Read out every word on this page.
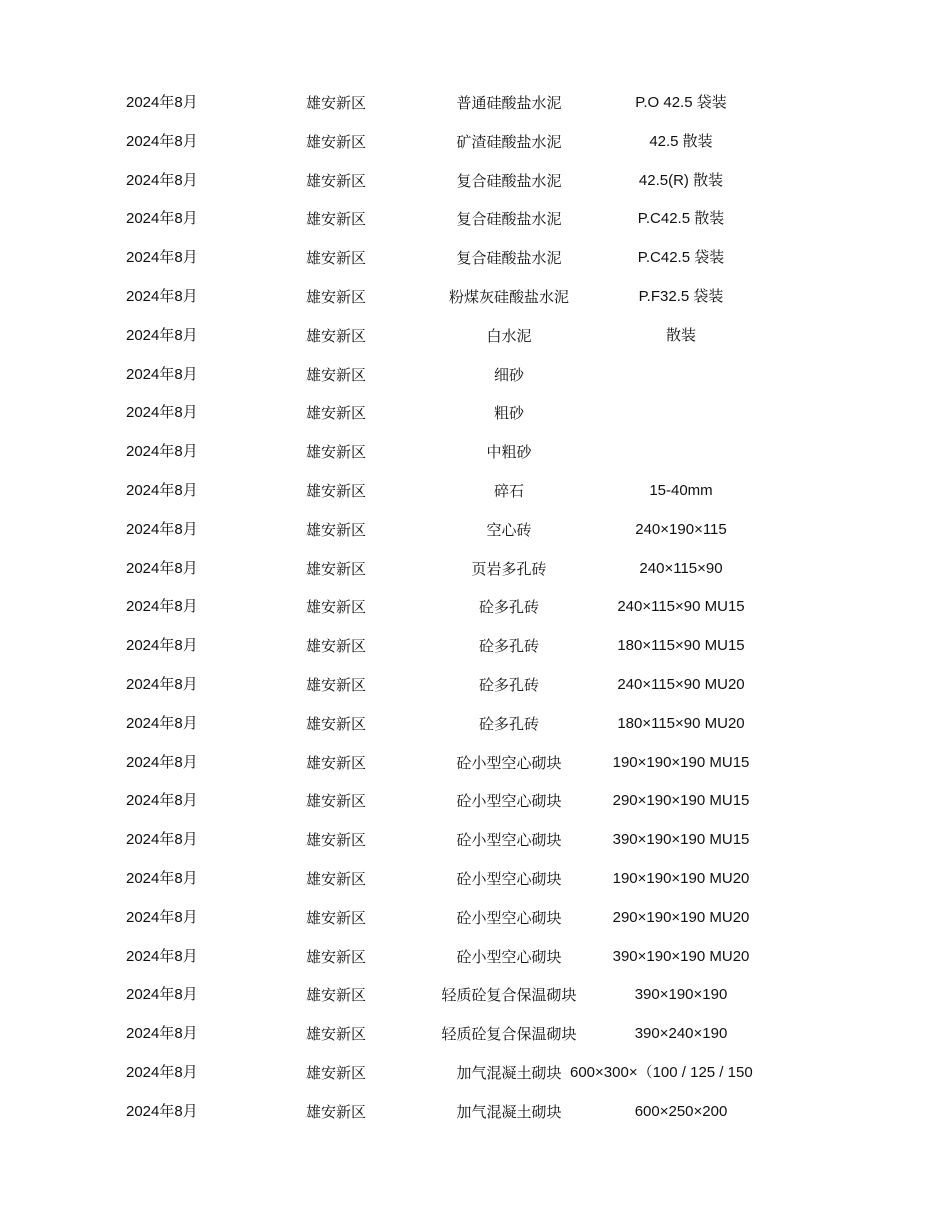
2024年8月	雄安新区	普通硅酸盐水泥	P.O 42.5 袋装
2024年8月	雄安新区	矿渣硅酸盐水泥	42.5 散装
2024年8月	雄安新区	复合硅酸盐水泥	42.5(R) 散装
2024年8月	雄安新区	复合硅酸盐水泥	P.C42.5 散装
2024年8月	雄安新区	复合硅酸盐水泥	P.C42.5 袋装
2024年8月	雄安新区	粉煤灰硅酸盐水泥	P.F32.5 袋装
2024年8月	雄安新区	白水泥	散装
2024年8月	雄安新区	细砂
2024年8月	雄安新区	粗砂
2024年8月	雄安新区	中粗砂
2024年8月	雄安新区	碎石	15-40mm
2024年8月	雄安新区	空心砖	240×190×115
2024年8月	雄安新区	页岩多孔砖	240×115×90
2024年8月	雄安新区	砼多孔砖	240×115×90 MU15
2024年8月	雄安新区	砼多孔砖	180×115×90 MU15
2024年8月	雄安新区	砼多孔砖	240×115×90 MU20
2024年8月	雄安新区	砼多孔砖	180×115×90 MU20
2024年8月	雄安新区	砼小型空心砌块	190×190×190 MU15
2024年8月	雄安新区	砼小型空心砌块	290×190×190 MU15
2024年8月	雄安新区	砼小型空心砌块	390×190×190 MU15
2024年8月	雄安新区	砼小型空心砌块	190×190×190 MU20
2024年8月	雄安新区	砼小型空心砌块	290×190×190 MU20
2024年8月	雄安新区	砼小型空心砌块	390×190×190 MU20
2024年8月	雄安新区	轻质砼复合保温砌块	390×190×190
2024年8月	雄安新区	轻质砼复合保温砌块	390×240×190
2024年8月	雄安新区	加气混凝土砌块 600×300×（100 / 125 / 150
2024年8月	雄安新区	加气混凝土砌块	600×250×200
